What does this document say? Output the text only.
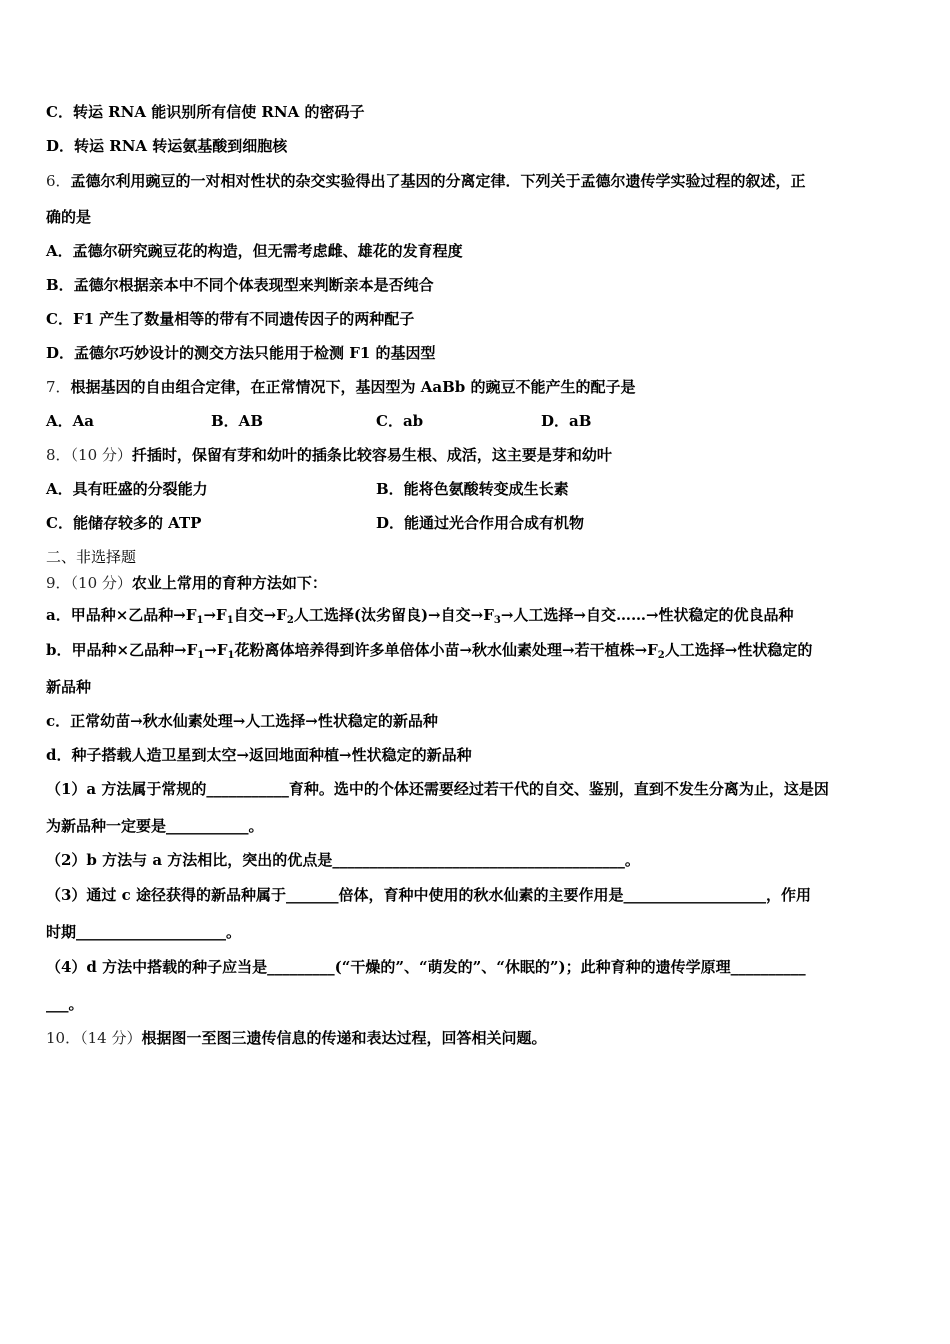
C．转运 RNA 能识别所有信使 RNA 的密码子
D．转运 RNA 转运氨基酸到细胞核
6．孟德尔利用豌豆的一对相对性状的杂交实验得出了基因的分离定律．下列关于孟德尔遗传学实验过程的叙述，正
确的是
A．孟德尔研究豌豆花的构造，但无需考虑雌、雄花的发育程度
B．孟德尔根据亲本中不同个体表现型来判断亲本是否纯合
C．F1 产生了数量相等的带有不同遗传因子的两种配子
D．孟德尔巧妙设计的测交方法只能用于检测 F1 的基因型
7．根据基因的自由组合定律，在正常情况下，基因型为 AaBb 的豌豆不能产生的配子是
A．Aa	B．AB	C．ab	D．aB
8．（10 分）扦插时，保留有芽和幼叶的插条比较容易生根、成活，这主要是芽和幼叶
A．具有旺盛的分裂能力	B．能将色氨酸转变成生长素
C．能储存较多的 ATP	D．能通过光合作用合成有机物
二、非选择题
9．（10 分）农业上常用的育种方法如下：
a．甲品种×乙品种$\to F_1\to F_1$自交$\to F_2$人工选择(汰劣留良)→自交$\to F_3\to$人工选择→自交……→性状稳定的优良品种
b．甲品种×乙品种$\to F_1\to F_1$花粉离体培养得到许多单倍体小苗→秋水仙素处理→若干植株$\to F_2$人工选择→性状稳定的
新品种
c．正常幼苗→秋水仙素处理→人工选择→性状稳定的新品种
d．种子搭载人造卫星到太空→返回地面种植→性状稳定的新品种
（1）a 方法属于常规的___________育种。选中的个体还需要经过若干代的自交、鉴别，直到不发生分离为止，这是因
为新品种一定要是___________。
（2）b 方法与 a 方法相比，突出的优点是_______________________________________。
（3）通过 c 途径获得的新品种属于_______倍体，育种中使用的秋水仙素的主要作用是___________________，作用
时期____________________。
（4）d 方法中搭载的种子应当是_________(“干燥的”、“萌发的”、“休眠的”)；此种育种的遗传学原理__________
___。
10．（14 分）根据图一至图三遗传信息的传递和表达过程，回答相关问题。
